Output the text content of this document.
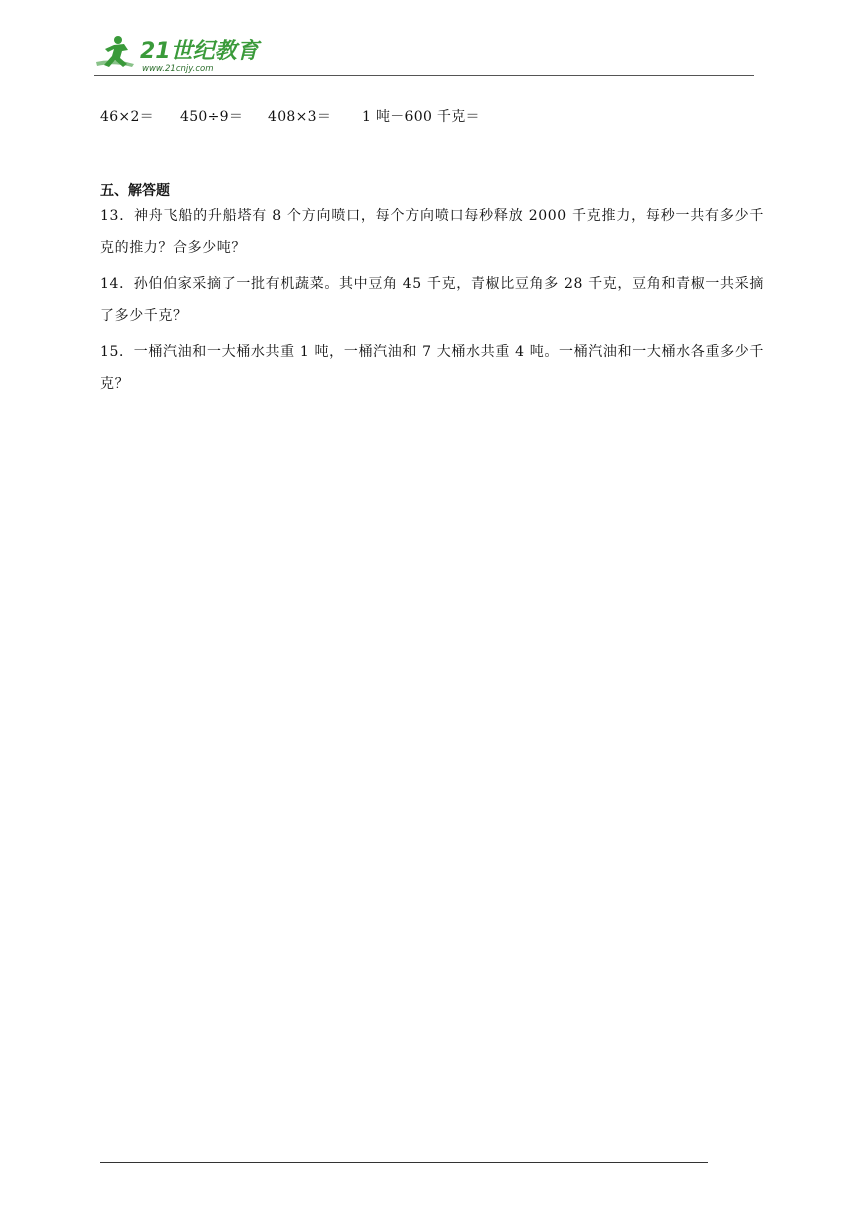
21世纪教育
www.21cnjy.com
46×2＝ 450÷9＝ 408×3＝ 1 吨－600 千克＝
五、解答题
13．神舟飞船的升船塔有 8 个方向喷口，每个方向喷口每秒释放 2000 千克推力，每秒一共有多少千克的推力？合多少吨？
14．孙伯伯家采摘了一批有机蔬菜。其中豆角 45 千克，青椒比豆角多 28 千克，豆角和青椒一共采摘了多少千克？
15．一桶汽油和一大桶水共重 1 吨，一桶汽油和 7 大桶水共重 4 吨。一桶汽油和一大桶水各重多少千克？
